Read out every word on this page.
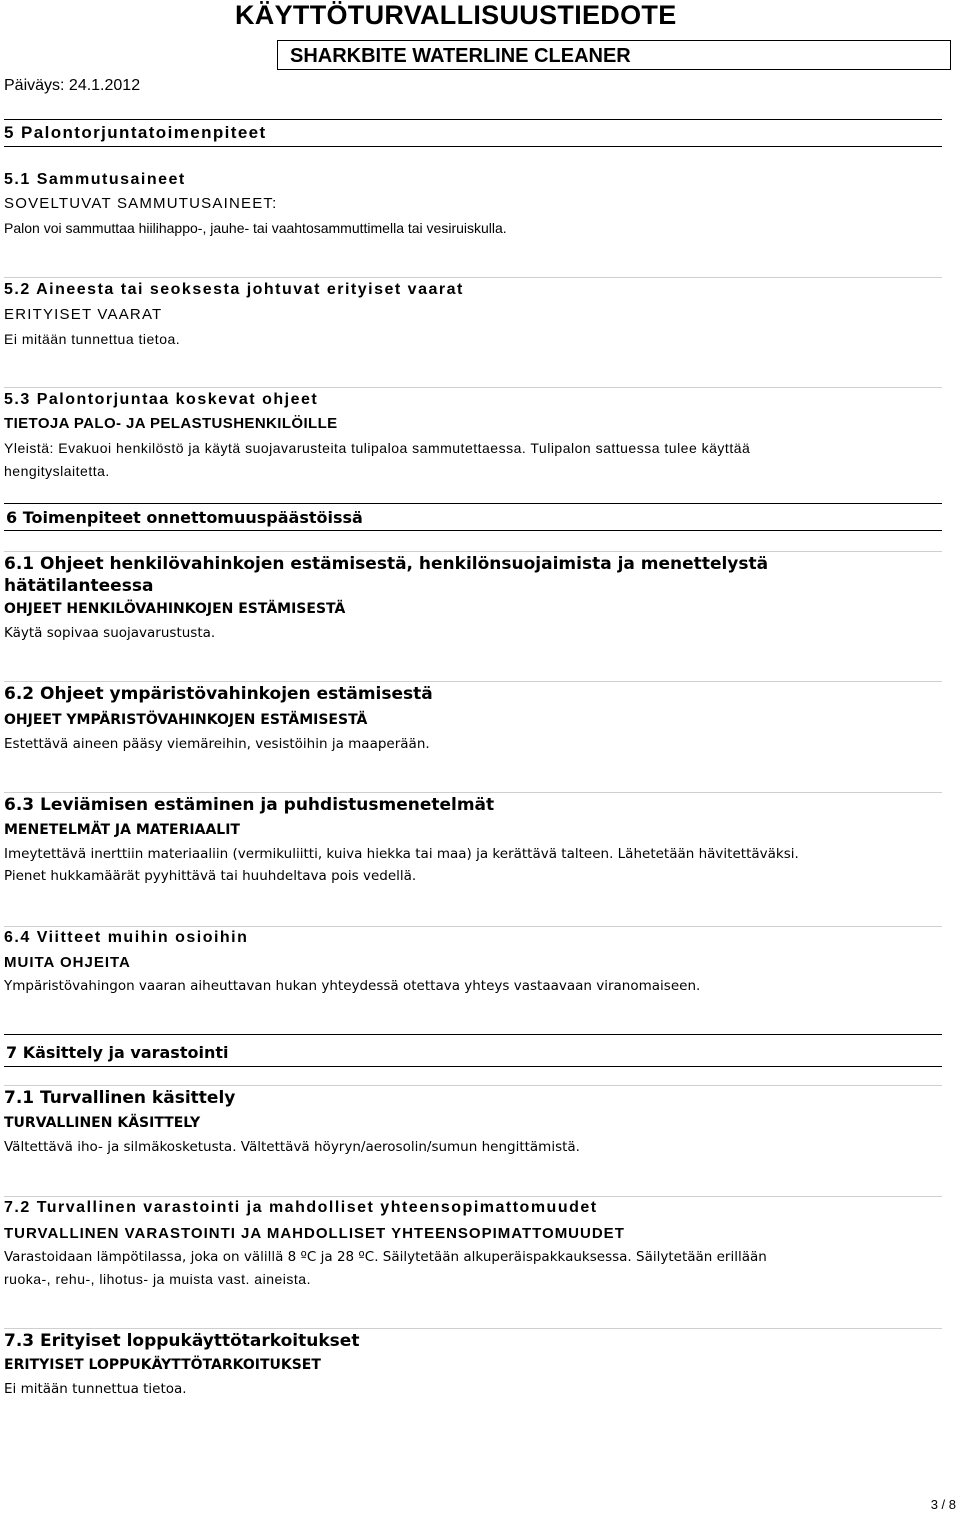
KÄYTTÖTURVALLISUUSTIEDOTE
SHARKBITE WATERLINE CLEANER
Päiväys: 24.1.2012
5 Palontorjuntatoimenpiteet
5.1 Sammutusaineet
SOVELTUVAT SAMMUTUSAINEET:
Palon voi sammuttaa hiilihappo-, jauhe- tai vaahtosammuttimella tai vesiruiskulla.
5.2 Aineesta tai seoksesta johtuvat erityiset vaarat
ERITYISET VAARAT
Ei mitään tunnettua tietoa.
5.3 Palontorjuntaa koskevat ohjeet
TIETOJA PALO- JA PELASTUSHENKILÖILLE
Yleistä: Evakuoi henkilöstö ja käytä suojavarusteita tulipaloa sammutettaessa. Tulipalon sattuessa tulee käyttää
hengityslaitetta.
6 Toimenpiteet onnettomuuspäästöissä
6.1 Ohjeet henkilövahinkojen estämisestä, henkilönsuojaimista ja menettelystä
hätätilanteessa
OHJEET HENKILÖVAHINKOJEN ESTÄMISESTÄ
Käytä sopivaa suojavarustusta.
6.2 Ohjeet ympäristövahinkojen estämisestä
OHJEET YMPÄRISTÖVAHINKOJEN ESTÄMISESTÄ
Estettävä aineen pääsy viemäreihin, vesistöihin ja maaperään.
6.3 Leviämisen estäminen ja puhdistusmenetelmät
MENETELMÄT JA MATERIAALIT
Imeytettävä inerttiin materiaaliin (vermikuliitti, kuiva hiekka tai maa) ja kerättävä talteen. Lähetetään hävitettäväksi.
Pienet hukkamäärät pyyhittävä tai huuhdeltava pois vedellä.
6.4 Viitteet muihin osioihin
MUITA OHJEITA
Ympäristövahingon vaaran aiheuttavan hukan yhteydessä otettava yhteys vastaavaan viranomaiseen.
7 Käsittely ja varastointi
7.1 Turvallinen käsittely
TURVALLINEN KÄSITTELY
Vältettävä iho- ja silmäkosketusta. Vältettävä höyryn/aerosolin/sumun hengittämistä.
7.2 Turvallinen varastointi ja mahdolliset yhteensopimattomuudet
TURVALLINEN VARASTOINTI JA MAHDOLLISET YHTEENSOPIMATTOMUUDET
Varastoidaan lämpötilassa, joka on välillä 8 ºC ja 28 ºC. Säilytetään alkuperäispakkauksessa. Säilytetään erillään
ruoka-, rehu-, lihotus- ja muista vast. aineista.
7.3 Erityiset loppukäyttötarkoitukset
ERITYISET LOPPUKÄYTTÖTARKOITUKSET
Ei mitään tunnettua tietoa.
3 / 8
